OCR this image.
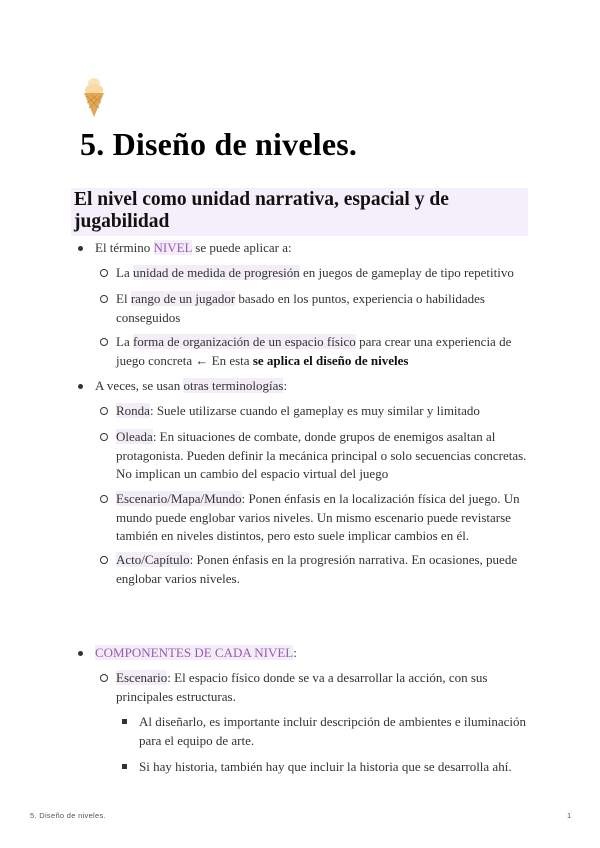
5. Diseño de niveles.
El nivel como unidad narrativa, espacial y de jugabilidad
El término NIVEL se puede aplicar a:
La unidad de medida de progresión en juegos de gameplay de tipo repetitivo
El rango de un jugador basado en los puntos, experiencia o habilidades conseguidos
La forma de organización de un espacio físico para crear una experiencia de juego concreta ← En esta se aplica el diseño de niveles
A veces, se usan otras terminologías:
Ronda: Suele utilizarse cuando el gameplay es muy similar y limitado
Oleada: En situaciones de combate, donde grupos de enemigos asaltan al protagonista. Pueden definir la mecánica principal o solo secuencias concretas. No implican un cambio del espacio virtual del juego
Escenario/Mapa/Mundo: Ponen énfasis en la localización física del juego. Un mundo puede englobar varios niveles. Un mismo escenario puede revistarse también en niveles distintos, pero esto suele implicar cambios en él.
Acto/Capítulo: Ponen énfasis en la progresión narrativa. En ocasiones, puede englobar varios niveles.
COMPONENTES DE CADA NIVEL:
Escenario: El espacio físico donde se va a desarrollar la acción, con sus principales estructuras.
Al diseñarlo, es importante incluir descripción de ambientes e iluminación para el equipo de arte.
Si hay historia, también hay que incluir la historia que se desarrolla ahí.
5. Diseño de niveles.	1
